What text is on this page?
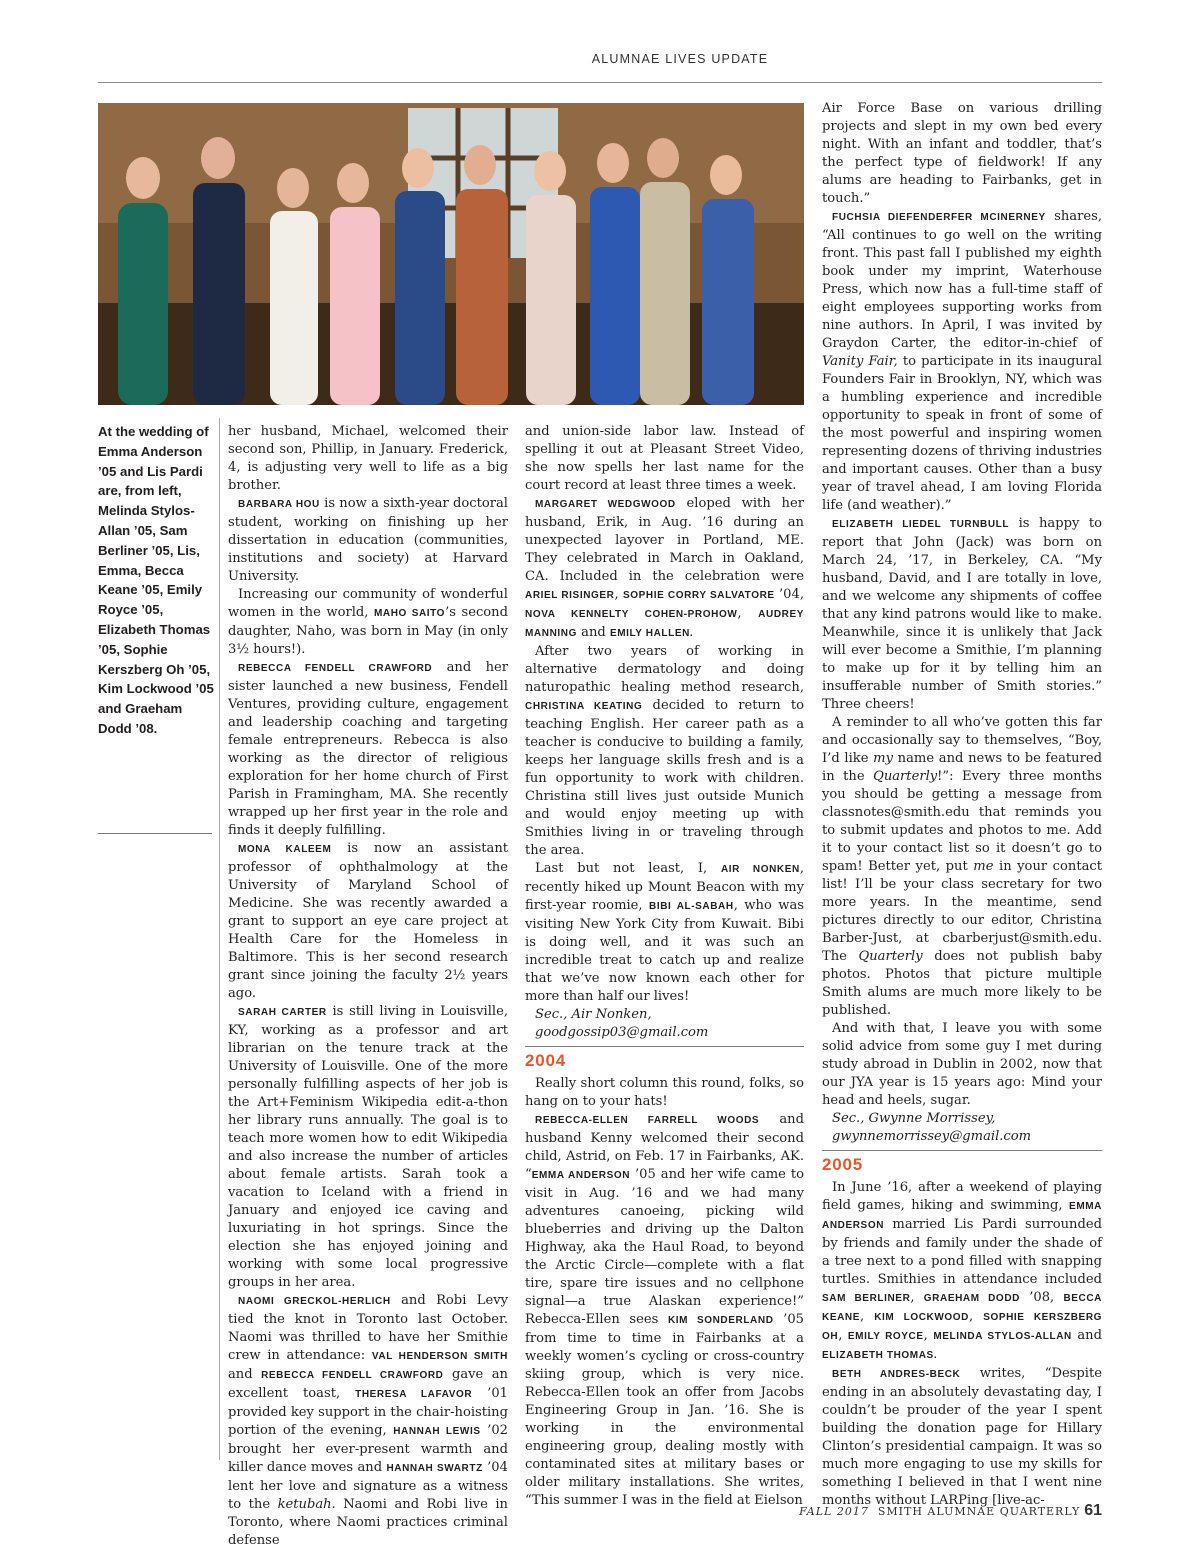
ALUMNAE LIVES UPDATE
At the wedding of Emma Anderson ’05 and Lis Pardi are, from left, Melinda Stylos-Allan ’05, Sam Berliner ’05, Lis, Emma, Becca Keane ’05, Emily Royce ’05, Elizabeth Thomas ’05, Sophie Kerszberg Oh ’05, Kim Lockwood ’05 and Graeham Dodd ’08.

her husband, Michael, welcomed their second son, Phillip, in January. Frederick, 4, is adjusting very well to life as a big brother.

BARBARA HOU is now a sixth-year doctoral student, working on finishing up her dissertation in education (communities, institutions and society) at Harvard University.

Increasing our community of wonderful women in the world, MAHO SAITO’s second daughter, Naho, was born in May (in only 3½ hours!).

REBECCA FENDELL CRAWFORD and her sister launched a new business, Fendell Ventures, providing culture, engagement and leadership coaching and targeting female entrepreneurs. Rebecca is also working as the director of religious exploration for her home church of First Parish in Framingham, MA. She recently wrapped up her first year in the role and finds it deeply fulfilling.

MONA KALEEM is now an assistant professor of ophthalmology at the University of Maryland School of Medicine. She was recently awarded a grant to support an eye care project at Health Care for the Homeless in Baltimore. This is her second research grant since joining the faculty 2½ years ago.

SARAH CARTER is still living in Louisville, KY, working as a professor and art librarian on the tenure track at the University of Louisville. One of the more personally fulfilling aspects of her job is the Art+Feminism Wikipedia edit-a-thon her library runs annually. The goal is to teach more women how to edit Wikipedia and also increase the number of articles about female artists. Sarah took a vacation to Iceland with a friend in January and enjoyed ice caving and luxuriating in hot springs. Since the election she has enjoyed joining and working with some local progressive groups in her area.

NAOMI GRECKOL-HERLICH and Robi Levy tied the knot in Toronto last October. Naomi was thrilled to have her Smithie crew in attendance: VAL HENDERSON SMITH and REBECCA FENDELL CRAWFORD gave an excellent toast, THERESA LAFAVOR ’01 provided key support in the chair-hoisting portion of the evening, HANNAH LEWIS ’02 brought her ever-present warmth and killer dance moves and HANNAH SWARTZ ’04 lent her love and signature as a witness to the ketubah. Naomi and Robi live in Toronto, where Naomi practices criminal defense

and union-side labor law. Instead of spelling it out at Pleasant Street Video, she now spells her last name for the court record at least three times a week.

MARGARET WEDGWOOD eloped with her husband, Erik, in Aug. ’16 during an unexpected layover in Portland, ME. They celebrated in March in Oakland, CA. Included in the celebration were ARIEL RISINGER, SOPHIE CORRY SALVATORE ’04, NOVA KENNELTY COHEN-PROHOW, AUDREY MANNING and EMILY HALLEN.

After two years of working in alternative dermatology and doing naturopathic healing method research, CHRISTINA KEATING decided to return to teaching English. Her career path as a teacher is conducive to building a family, keeps her language skills fresh and is a fun opportunity to work with children. Christina still lives just outside Munich and would enjoy meeting up with Smithies living in or traveling through the area.

Last but not least, I, AIR NONKEN, recently hiked up Mount Beacon with my first-year roomie, BIBI AL-SABAH, who was visiting New York City from Kuwait. Bibi is doing well, and it was such an incredible treat to catch up and realize that we’ve now known each other for more than half our lives!

Sec., Air Nonken,

goodgossip03@gmail.com

2004

Really short column this round, folks, so hang on to your hats!

REBECCA-ELLEN FARRELL WOODS and husband Kenny welcomed their second child, Astrid, on Feb. 17 in Fairbanks, AK. “EMMA ANDERSON ’05 and her wife came to visit in Aug. ’16 and we had many adventures canoeing, picking wild blueberries and driving up the Dalton Highway, aka the Haul Road, to beyond the Arctic Circle—complete with a flat tire, spare tire issues and no cellphone signal—a true Alaskan experience!” Rebecca-Ellen sees KIM SONDERLAND ’05 from time to time in Fairbanks at a weekly women’s cycling or cross-country skiing group, which is very nice. Rebecca-Ellen took an offer from Jacobs Engineering Group in Jan. ’16. She is working in the environmental engineering group, dealing mostly with contaminated sites at military bases or older military installations. She writes, “This summer I was in the field at Eielson

Air Force Base on various drilling projects and slept in my own bed every night. With an infant and toddler, that’s the perfect type of fieldwork! If any alums are heading to Fairbanks, get in touch.”

FUCHSIA DIEFENDERFER MCINERNEY shares, “All continues to go well on the writing front. This past fall I published my eighth book under my imprint, Waterhouse Press, which now has a full-time staff of eight employees supporting works from nine authors. In April, I was invited by Graydon Carter, the editor-in-chief of Vanity Fair, to participate in its inaugural Founders Fair in Brooklyn, NY, which was a humbling experience and incredible opportunity to speak in front of some of the most powerful and inspiring women representing dozens of thriving industries and important causes. Other than a busy year of travel ahead, I am loving Florida life (and weather).”

ELIZABETH LIEDEL TURNBULL is happy to report that John (Jack) was born on March 24, ’17, in Berkeley, CA. “My husband, David, and I are totally in love, and we welcome any shipments of coffee that any kind patrons would like to make. Meanwhile, since it is unlikely that Jack will ever become a Smithie, I’m planning to make up for it by telling him an insufferable number of Smith stories.” Three cheers!

A reminder to all who’ve gotten this far and occasionally say to themselves, “Boy, I’d like my name and news to be featured in the Quarterly!”: Every three months you should be getting a message from classnotes@smith.edu that reminds you to submit updates and photos to me. Add it to your contact list so it doesn’t go to spam! Better yet, put me in your contact list! I’ll be your class secretary for two more years. In the meantime, send pictures directly to our editor, Christina Barber-Just, at cbarberjust@smith.edu. The Quarterly does not publish baby photos. Photos that picture multiple Smith alums are much more likely to be published.

And with that, I leave you with some solid advice from some guy I met during study abroad in Dublin in 2002, now that our JYA year is 15 years ago: Mind your head and heels, sugar.

Sec., Gwynne Morrissey,

gwynnemorrissey@gmail.com

2005

In June ’16, after a weekend of playing field games, hiking and swimming, EMMA ANDERSON married Lis Pardi surrounded by friends and family under the shade of a tree next to a pond filled with snapping turtles. Smithies in attendance included SAM BERLINER, GRAEHAM DODD ’08, BECCA KEANE, KIM LOCKWOOD, SOPHIE KERSZBERG OH, EMILY ROYCE, MELINDA STYLOS-ALLAN and ELIZABETH THOMAS.

BETH ANDRES-BECK writes, “Despite ending in an absolutely devastating day, I couldn’t be prouder of the year I spent building the donation page for Hillary Clinton’s presidential campaign. It was so much more engaging to use my skills for something I believed in that I went nine months without LARPing [live-ac-

FALL 2017 SMITH ALUMNAE QUARTERLY 61
